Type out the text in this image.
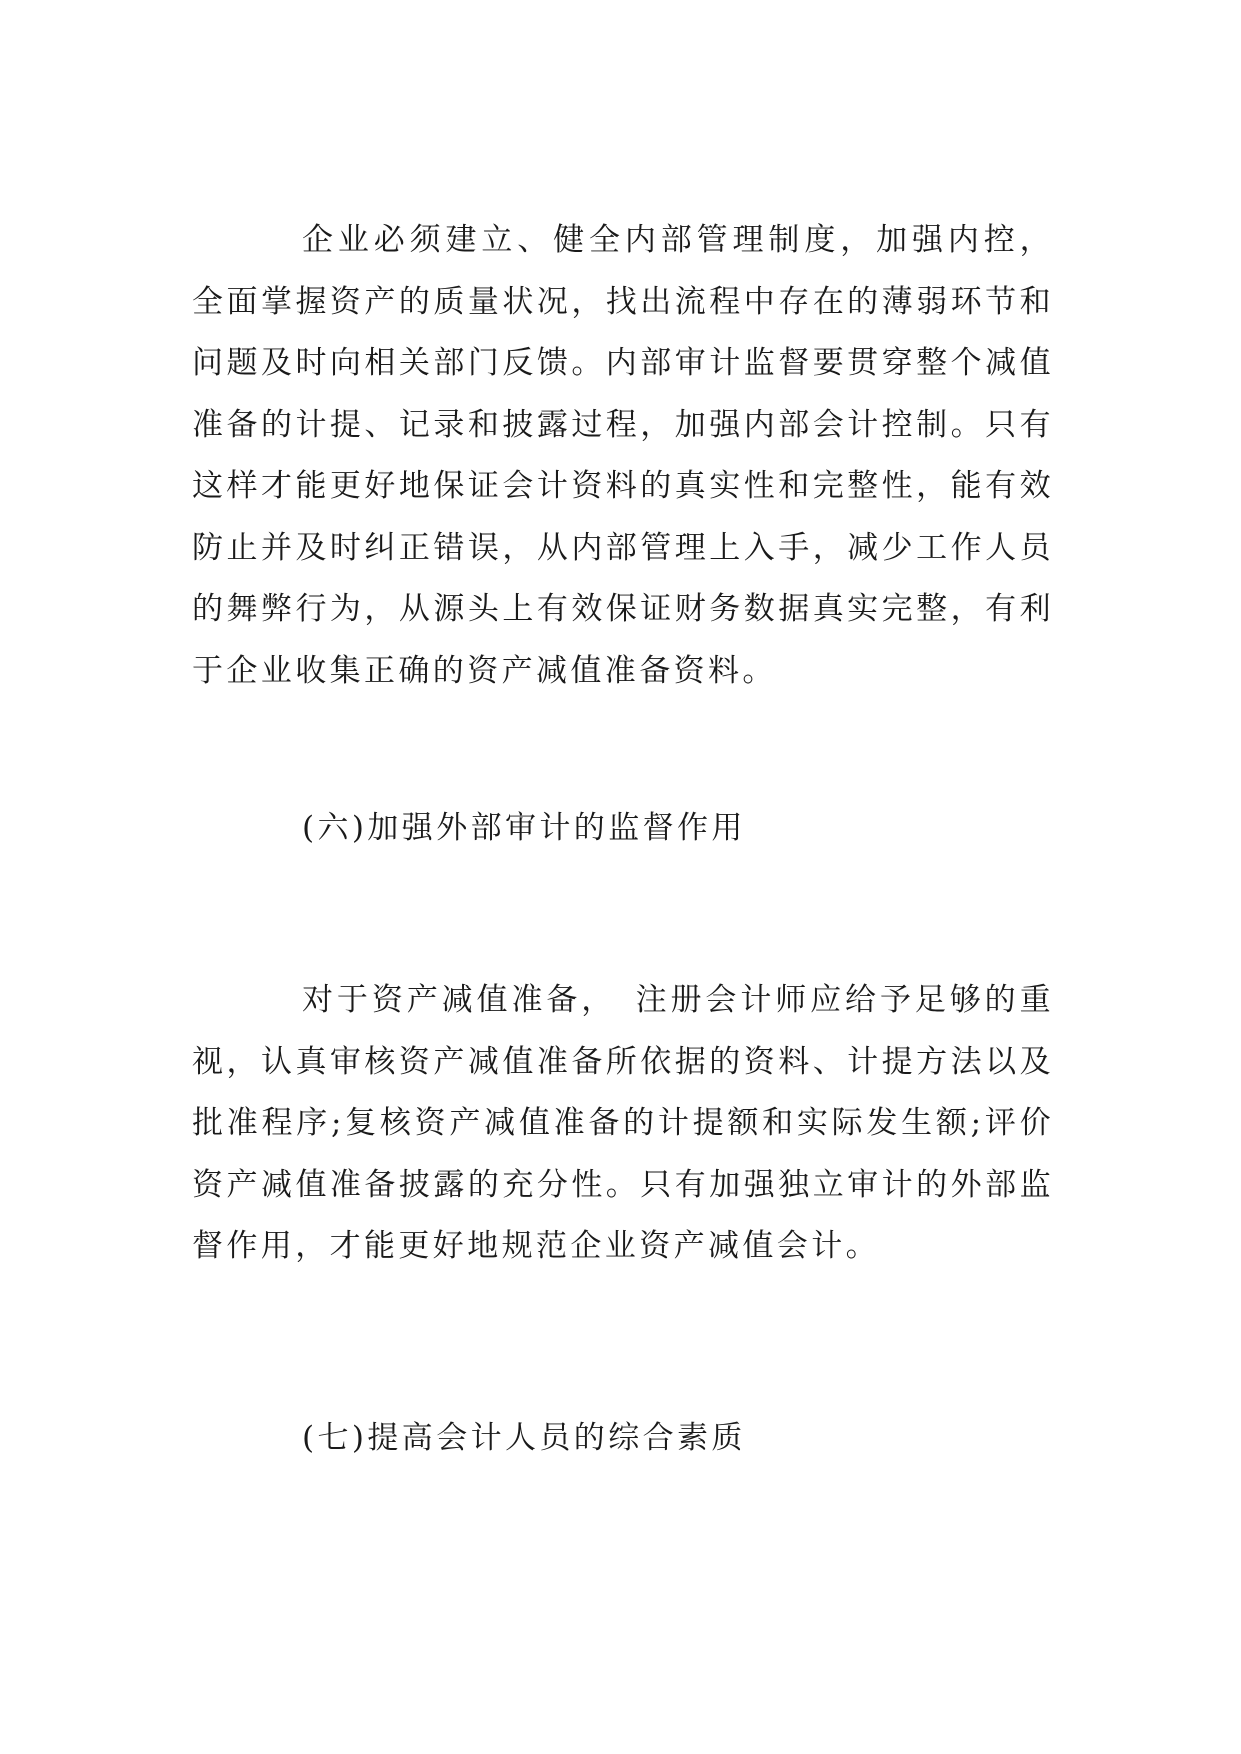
企业必须建立、健全内部管理制度，加强内控，全面掌握资产的质量状况，找出流程中存在的薄弱环节和问题及时向相关部门反馈。内部审计监督要贯穿整个减值准备的计提、记录和披露过程，加强内部会计控制。只有这样才能更好地保证会计资料的真实性和完整性，能有效防止并及时纠正错误，从内部管理上入手，减少工作人员的舞弊行为，从源头上有效保证财务数据真实完整，有利于企业收集正确的资产减值准备资料。

(六)加强外部审计的监督作用

对于资产减值准备，　注册会计师应给予足够的重视，认真审核资产减值准备所依据的资料、计提方法以及批准程序;复核资产减值准备的计提额和实际发生额;评价资产减值准备披露的充分性。只有加强独立审计的外部监督作用，才能更好地规范企业资产减值会计。

(七)提高会计人员的综合素质
